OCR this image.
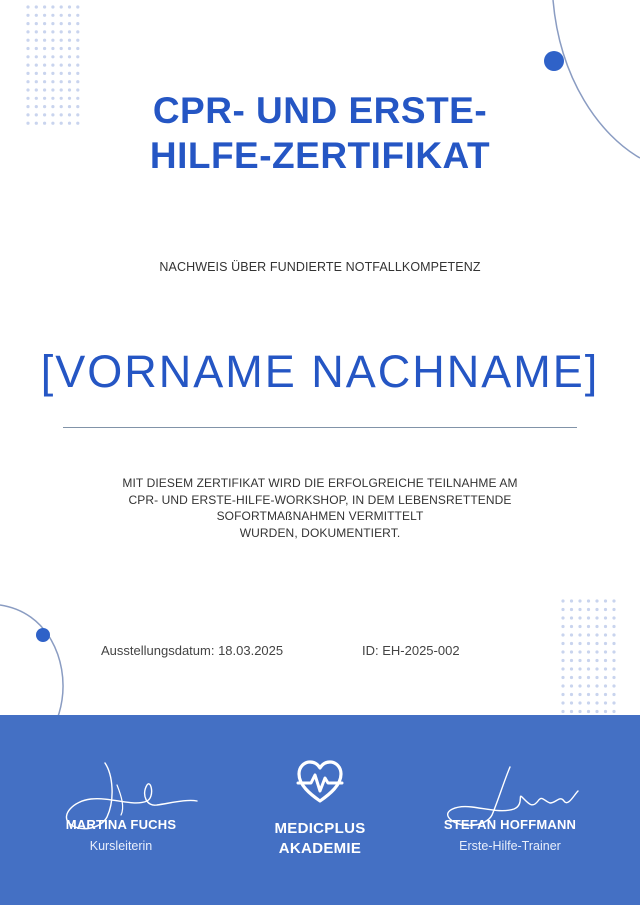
CPR- UND ERSTE-
HILFE-ZERTIFIKAT
NACHWEIS ÜBER FUNDIERTE NOTFALLKOMPETENZ
[VORNAME NACHNAME]
MIT DIESEM ZERTIFIKAT WIRD DIE ERFOLGREICHE TEILNAHME AM
CPR- UND ERSTE-HILFE-WORKSHOP, IN DEM LEBENSRETTENDE
SOFORTMAßNAHMEN VERMITTELT
WURDEN, DOKUMENTIERT.
Ausstellungsdatum: 18.03.2025	ID: EH-2025-002
MARTINA FUCHS
Kursleiterin
MEDICPLUS
AKADEMIE
STEFAN HOFFMANN
Erste-Hilfe-Trainer
